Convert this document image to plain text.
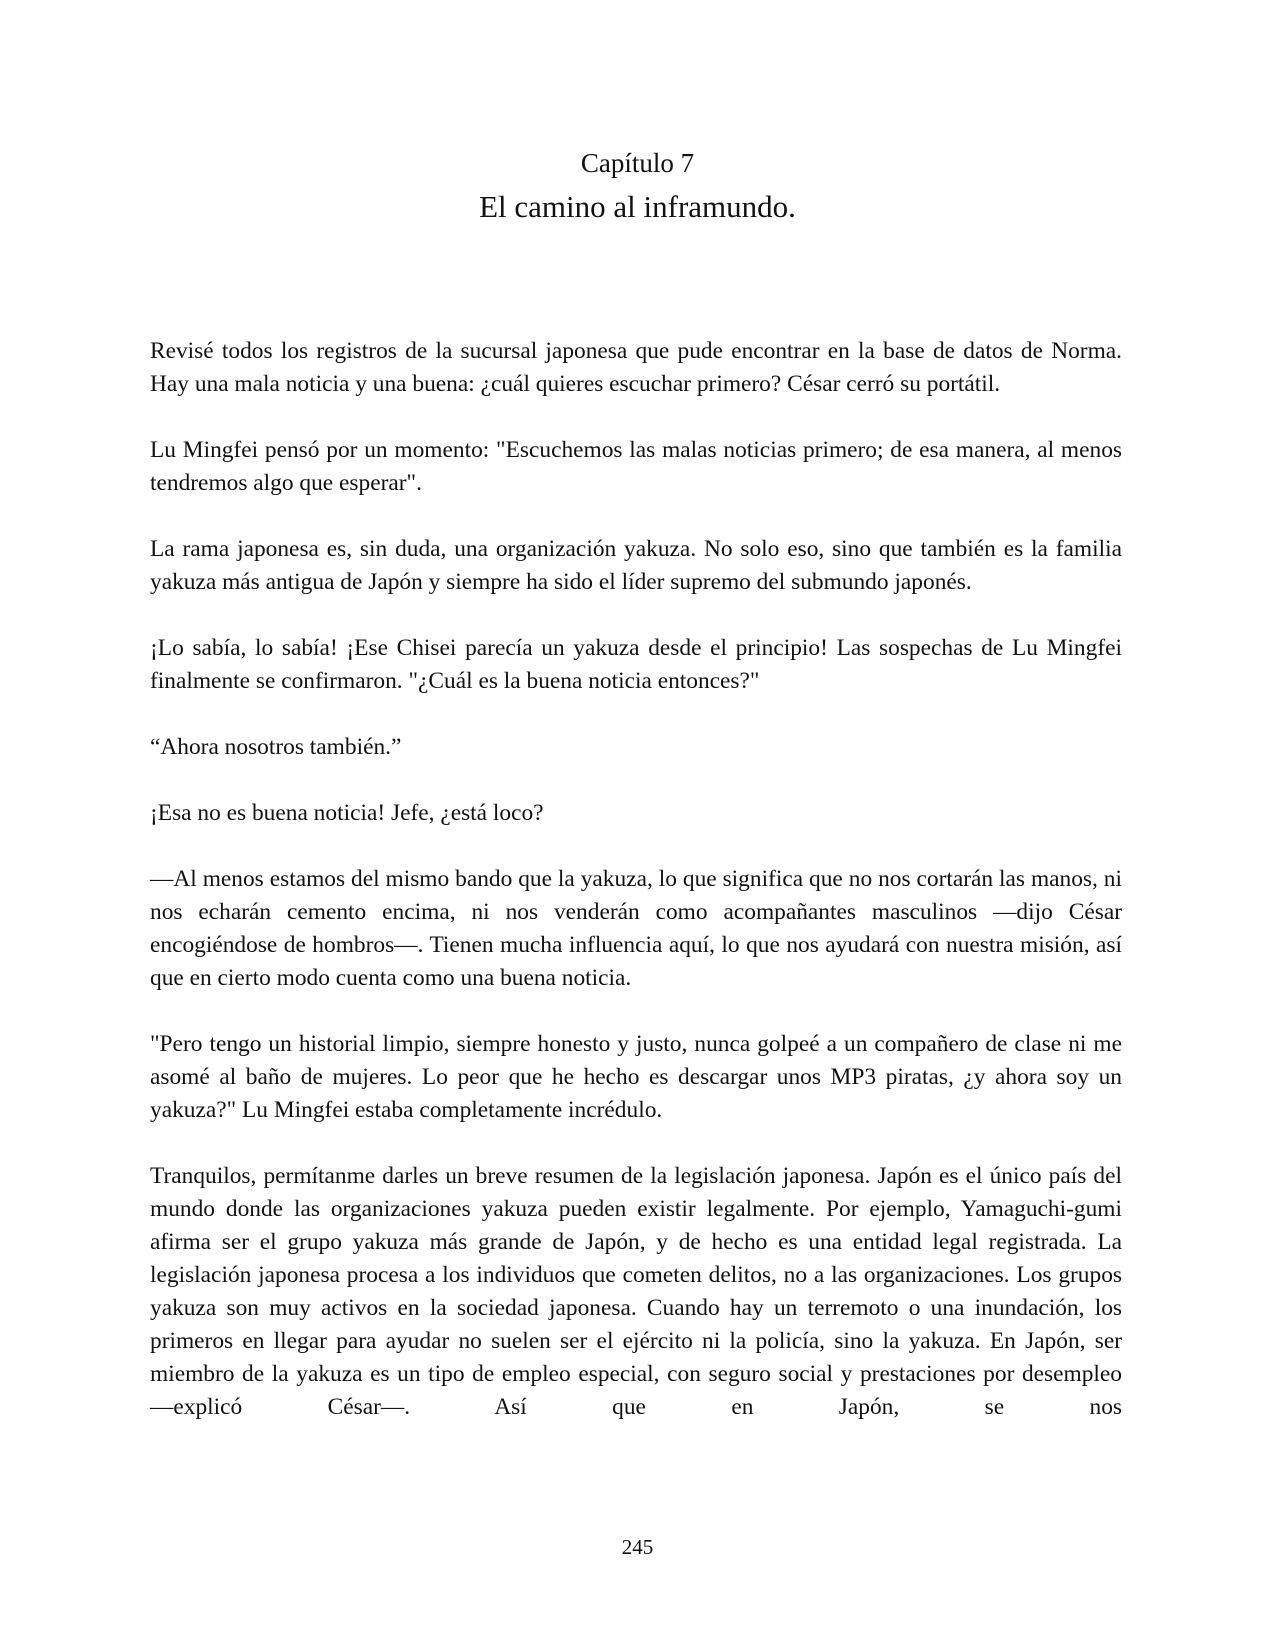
Capítulo 7
El camino al inframundo.

Revisé todos los registros de la sucursal japonesa que pude encontrar en la base de datos de Norma. Hay una mala noticia y una buena: ¿cuál quieres escuchar primero? César cerró su portátil.

Lu Mingfei pensó por un momento: "Escuchemos las malas noticias primero; de esa manera, al menos tendremos algo que esperar".

La rama japonesa es, sin duda, una organización yakuza. No solo eso, sino que también es la familia yakuza más antigua de Japón y siempre ha sido el líder supremo del submundo japonés.

¡Lo sabía, lo sabía! ¡Ese Chisei parecía un yakuza desde el principio! Las sospechas de Lu Mingfei finalmente se confirmaron. "¿Cuál es la buena noticia entonces?"

“Ahora nosotros también.”

¡Esa no es buena noticia! Jefe, ¿está loco?

—Al menos estamos del mismo bando que la yakuza, lo que significa que no nos cortarán las manos, ni nos echarán cemento encima, ni nos venderán como acompañantes masculinos —dijo César encogiéndose de hombros—. Tienen mucha influencia aquí, lo que nos ayudará con nuestra misión, así que en cierto modo cuenta como una buena noticia.

"Pero tengo un historial limpio, siempre honesto y justo, nunca golpeé a un compañero de clase ni me asomé al baño de mujeres. Lo peor que he hecho es descargar unos MP3 piratas, ¿y ahora soy un yakuza?" Lu Mingfei estaba completamente incrédulo.

Tranquilos, permítanme darles un breve resumen de la legislación japonesa. Japón es el único país del mundo donde las organizaciones yakuza pueden existir legalmente. Por ejemplo, Yamaguchi-gumi afirma ser el grupo yakuza más grande de Japón, y de hecho es una entidad legal registrada. La legislación japonesa procesa a los individuos que cometen delitos, no a las organizaciones. Los grupos yakuza son muy activos en la sociedad japonesa. Cuando hay un terremoto o una inundación, los primeros en llegar para ayudar no suelen ser el ejército ni la policía, sino la yakuza. En Japón, ser miembro de la yakuza es un tipo de empleo especial, con seguro social y prestaciones por desempleo —explicó César—. Así que en Japón, se nos

245
